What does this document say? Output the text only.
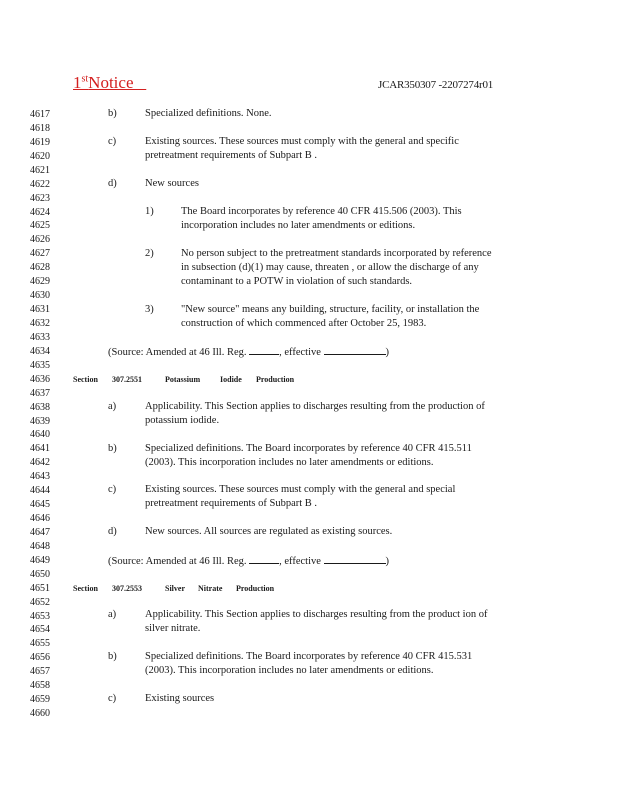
1stNotice	JCAR350307 -2207274r01
4617
4618
4619
4620
4621
4622
4623
4624
4625
4626
4627
4628
4629
4630
4631
4632
4633
4634
4635
4636
4637
4638
4639
4640
4641
4642
4643
4644
4645
4646
4647
4648
4649
4650
4651
4652
4653
4654
4655
4656
4657
4658
4659
4660
b)	Specialized definitions. None.
c)	Existing sources. These sources must comply with the general and specific
pretreatment requirements of Subpart B .
d)	New sources
1)	The Board incorporates by reference 40 CFR 415.506 (2003). This
incorporation includes no later amendments or editions.
2)	No person subject to the pretreatment standards incorporated by reference
in subsection (d)(1) may cause, threaten , or allow the discharge of any
contaminant to a POTW in violation of such standards.
3)	"New source" means any building, structure, facility, or installation the
construction of which commenced after October 25, 1983.
(Source: Amended at 46 Ill. Reg.	, effective	)
Section 307.2551	Potassium Iodide Production
a)	Applicability. This Section applies to discharges resulting from the production of
potassium iodide.
b)	Specialized definitions. The Board incorporates by reference 40 CFR 415.511
(2003). This incorporation includes no later amendments or editions.
c)	Existing sources. These sources must comply with the general and special
pretreatment requirements of Subpart B .
d)	New sources. All sources are regulated as existing sources.
(Source: Amended at 46 Ill. Reg.	, effective	)
Section 307.2553	Silver Nitrate Production
a)	Applicability. This Section applies to discharges resulting from the product ion of
silver nitrate.
b)	Specialized definitions. The Board incorporates by reference 40 CFR 415.531
(2003). This incorporation includes no later amendments or editions.
c)	Existing sources
